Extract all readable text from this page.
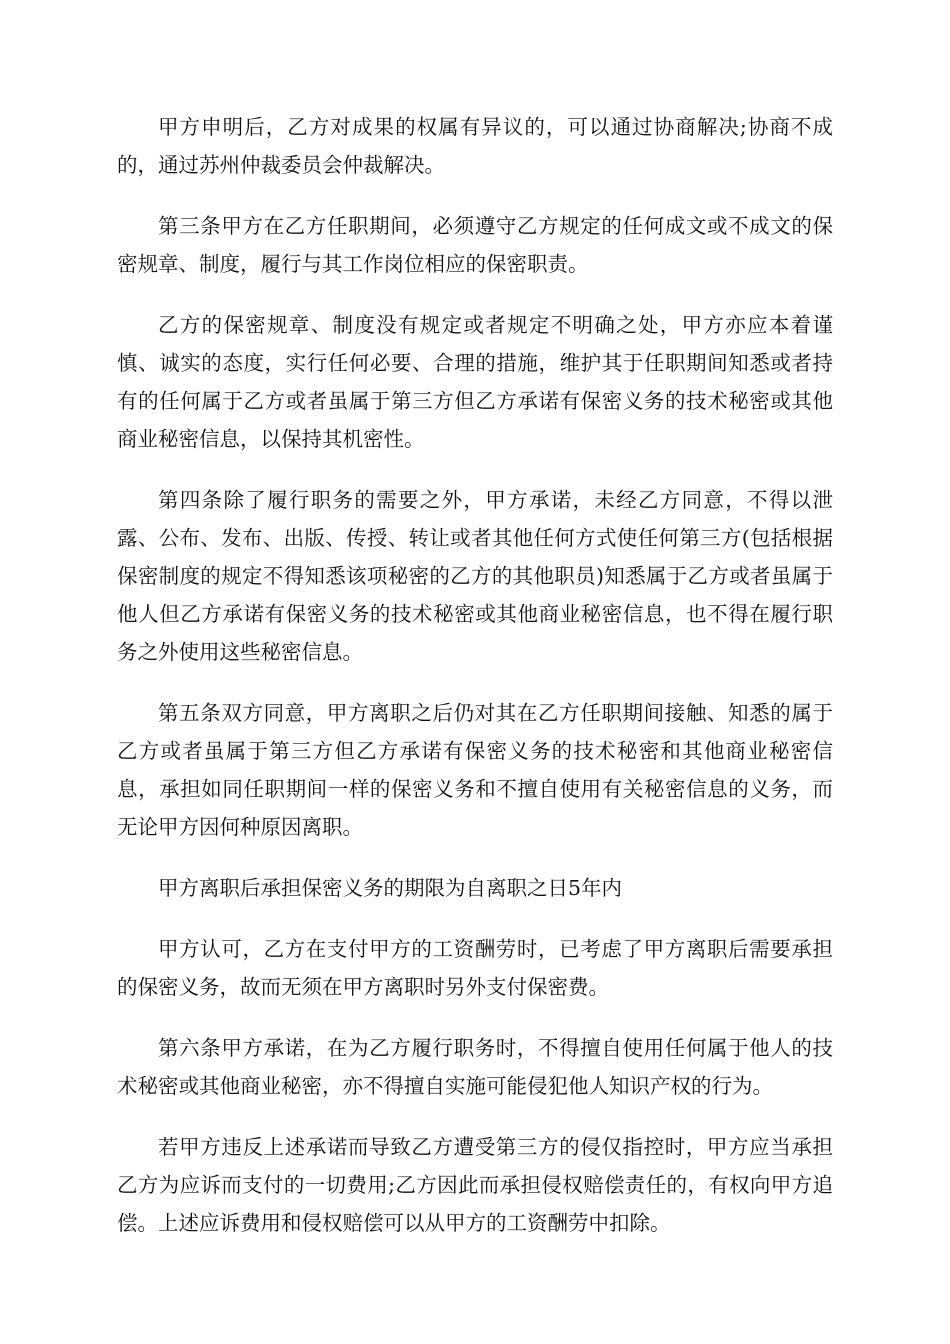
甲方申明后，乙方对成果的权属有异议的，可以通过协商解决;协商不成的，通过苏州仲裁委员会仲裁解决。

第三条甲方在乙方任职期间，必须遵守乙方规定的任何成文或不成文的保密规章、制度，履行与其工作岗位相应的保密职责。

乙方的保密规章、制度没有规定或者规定不明确之处，甲方亦应本着谨慎、诚实的态度，实行任何必要、合理的措施，维护其于任职期间知悉或者持有的任何属于乙方或者虽属于第三方但乙方承诺有保密义务的技术秘密或其他商业秘密信息，以保持其机密性。

第四条除了履行职务的需要之外，甲方承诺，未经乙方同意，不得以泄露、公布、发布、出版、传授、转让或者其他任何方式使任何第三方(包括根据保密制度的规定不得知悉该项秘密的乙方的其他职员)知悉属于乙方或者虽属于他人但乙方承诺有保密义务的技术秘密或其他商业秘密信息，也不得在履行职务之外使用这些秘密信息。

第五条双方同意，甲方离职之后仍对其在乙方任职期间接触、知悉的属于乙方或者虽属于第三方但乙方承诺有保密义务的技术秘密和其他商业秘密信息，承担如同任职期间一样的保密义务和不擅自使用有关秘密信息的义务，而无论甲方因何种原因离职。

甲方离职后承担保密义务的期限为自离职之日5年内

甲方认可，乙方在支付甲方的工资酬劳时，已考虑了甲方离职后需要承担的保密义务，故而无须在甲方离职时另外支付保密费。

第六条甲方承诺，在为乙方履行职务时，不得擅自使用任何属于他人的技术秘密或其他商业秘密，亦不得擅自实施可能侵犯他人知识产权的行为。

若甲方违反上述承诺而导致乙方遭受第三方的侵仅指控时，甲方应当承担乙方为应诉而支付的一切费用;乙方因此而承担侵权赔偿责任的，有权向甲方追偿。上述应诉费用和侵权赔偿可以从甲方的工资酬劳中扣除。
